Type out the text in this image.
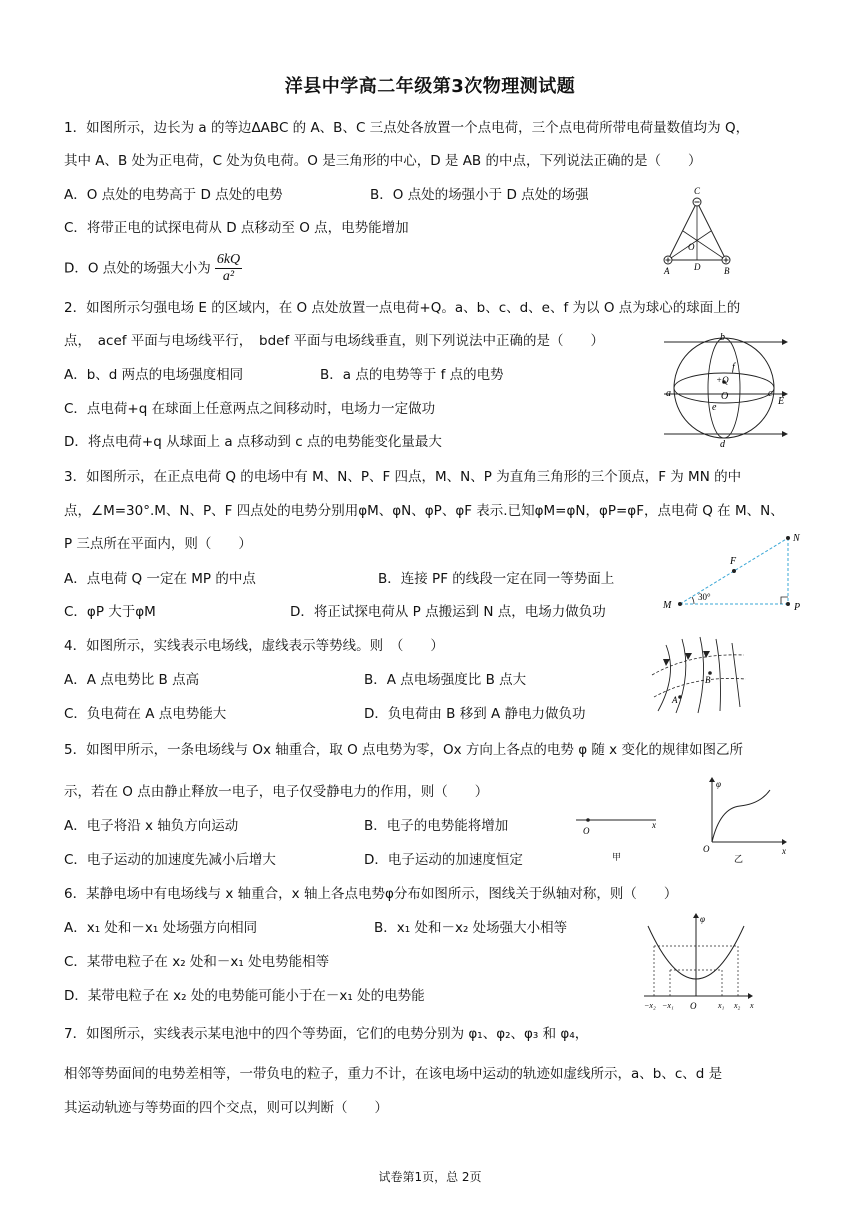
洋县中学高二年级第3次物理测试题
1．如图所示，边长为 a 的等边ΔABC 的 A、B、C 三点处各放置一个点电荷，三个点电荷所带电荷量数值均为 Q，
其中 A、B 处为正电荷，C 处为负电荷。O 是三角形的中心，D 是 AB 的中点，下列说法正确的是（　　）
A．O 点处的电势高于 D 点处的电势	B．O 点处的场强小于 D 点处的场强
C．将带正电的试探电荷从 D 点移动至 O 点，电势能增加
D．O 点处的场强大小为 $\frac{6kQ}{\text{a²}}$
C
O
A	D	B
2．如图所示匀强电场 E 的区域内，在 O 点处放置一点电荷+Q。a、b、c、d、e、f 为以 O 点为球心的球面上的
点，　acef 平面与电场线平行，　bdef 平面与电场线垂直，则下列说法中正确的是（　　）
A．b、d 两点的电场强度相同	B．a 点的电势等于 f 点的电势
C．点电荷+q 在球面上任意两点之间移动时，电场力一定做功
D．将点电荷+q 从球面上 a 点移动到 c 点的电势能变化量最大
b
f
+Q
a	O	c
E
e
d
3．如图所示，在正点电荷 Q 的电场中有 M、N、P、F 四点，M、N、P 为直角三角形的三个顶点，F 为 MN 的中
点，∠M=30°.M、N、P、F 四点处的电势分别用φM、φN、φP、φF 表示.已知φM=φN，φP=φF，点电荷 Q 在 M、N、
P 三点所在平面内，则（　　）
A．点电荷 Q 一定在 MP 的中点	B．连接 PF 的线段一定在同一等势面上
C．φP 大于φM	D．将正试探电荷从 P 点搬运到 N 点，电场力做负功
N
F
M
30°
P
4．如图所示，实线表示电场线，虚线表示等势线。则　（　　）
A．A 点电势比 B 点高	B．A 点电场强度比 B 点大
C．负电荷在 A 点电势能大	D．负电荷由 B 移到 A 静电力做负功
A
B
5．如图甲所示，一条电场线与 Ox 轴重合，取 O 点电势为零，Ox 方向上各点的电势 φ 随 x 变化的规律如图乙所
示，若在 O 点由静止释放一电子，电子仅受静电力的作用，则（　　）
A．电子将沿 x 轴负方向运动	B．电子的电势能将增加
C．电子运动的加速度先减小后增大	D．电子运动的加速度恒定
O
x
甲
φ
O	x
乙
6．某静电场中有电场线与 x 轴重合，x 轴上各点电势φ分布如图所示，图线关于纵轴对称，则（　　）
A．x₁ 处和－x₁ 处场强方向相同	B．x₁ 处和－x₂ 处场强大小相等
C．某带电粒子在 x₂ 处和－x₁ 处电势能相等
D．某带电粒子在 x₂ 处的电势能可能小于在－x₁ 处的电势能
φ
−x₂ −x₁ O	x₁ x₂ x
7．如图所示，实线表示某电池中的四个等势面，它们的电势分别为 φ₁、φ₂、φ₃ 和 φ₄，
相邻等势面间的电势差相等，一带负电的粒子，重力不计，在该电场中运动的轨迹如虚线所示，a、b、c、d 是
其运动轨迹与等势面的四个交点，则可以判断（　　）
试卷第1页，总 2页
